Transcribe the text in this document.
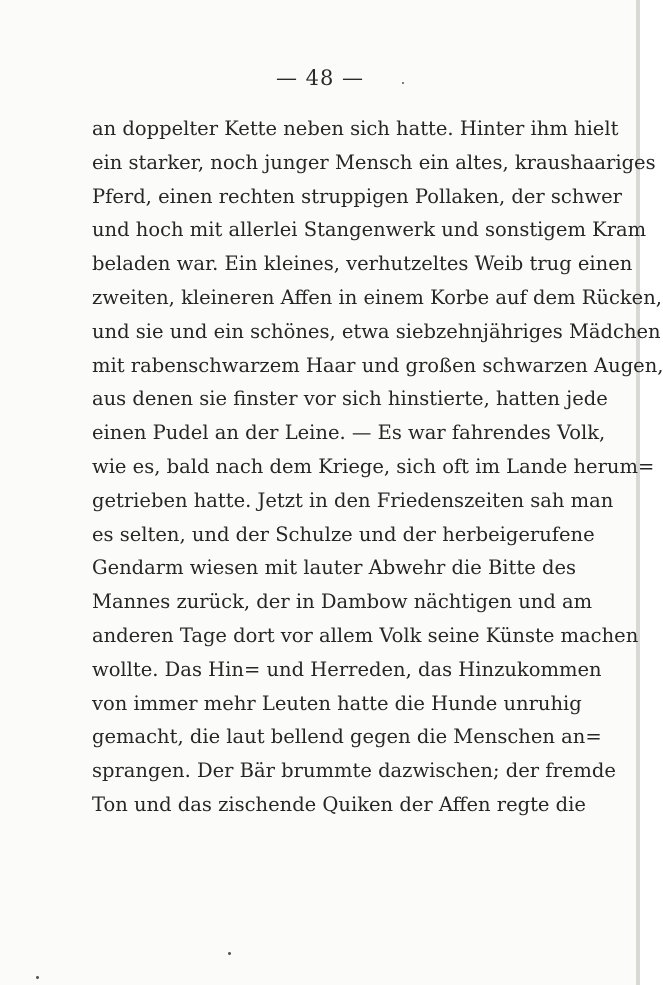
— 48 —
an doppelter Kette neben sich hatte. Hinter ihm hielt
ein starker, noch junger Mensch ein altes, kraushaariges
Pferd, einen rechten struppigen Pollaken, der schwer
und hoch mit allerlei Stangenwerk und sonstigem Kram
beladen war. Ein kleines, verhutzeltes Weib trug einen
zweiten, kleineren Affen in einem Korbe auf dem Rücken,
und sie und ein schönes, etwa siebzehnjähriges Mädchen
mit rabenschwarzem Haar und großen schwarzen Augen,
aus denen sie finster vor sich hinstierte, hatten jede
einen Pudel an der Leine. — Es war fahrendes Volk,
wie es, bald nach dem Kriege, sich oft im Lande herum=
getrieben hatte. Jetzt in den Friedenszeiten sah man
es selten, und der Schulze und der herbeigerufene
Gendarm wiesen mit lauter Abwehr die Bitte des
Mannes zurück, der in Dambow nächtigen und am
anderen Tage dort vor allem Volk seine Künste machen
wollte. Das Hin= und Herreden, das Hinzukommen
von immer mehr Leuten hatte die Hunde unruhig
gemacht, die laut bellend gegen die Menschen an=
sprangen. Der Bär brummte dazwischen; der fremde
Ton und das zischende Quiken der Affen regte die
